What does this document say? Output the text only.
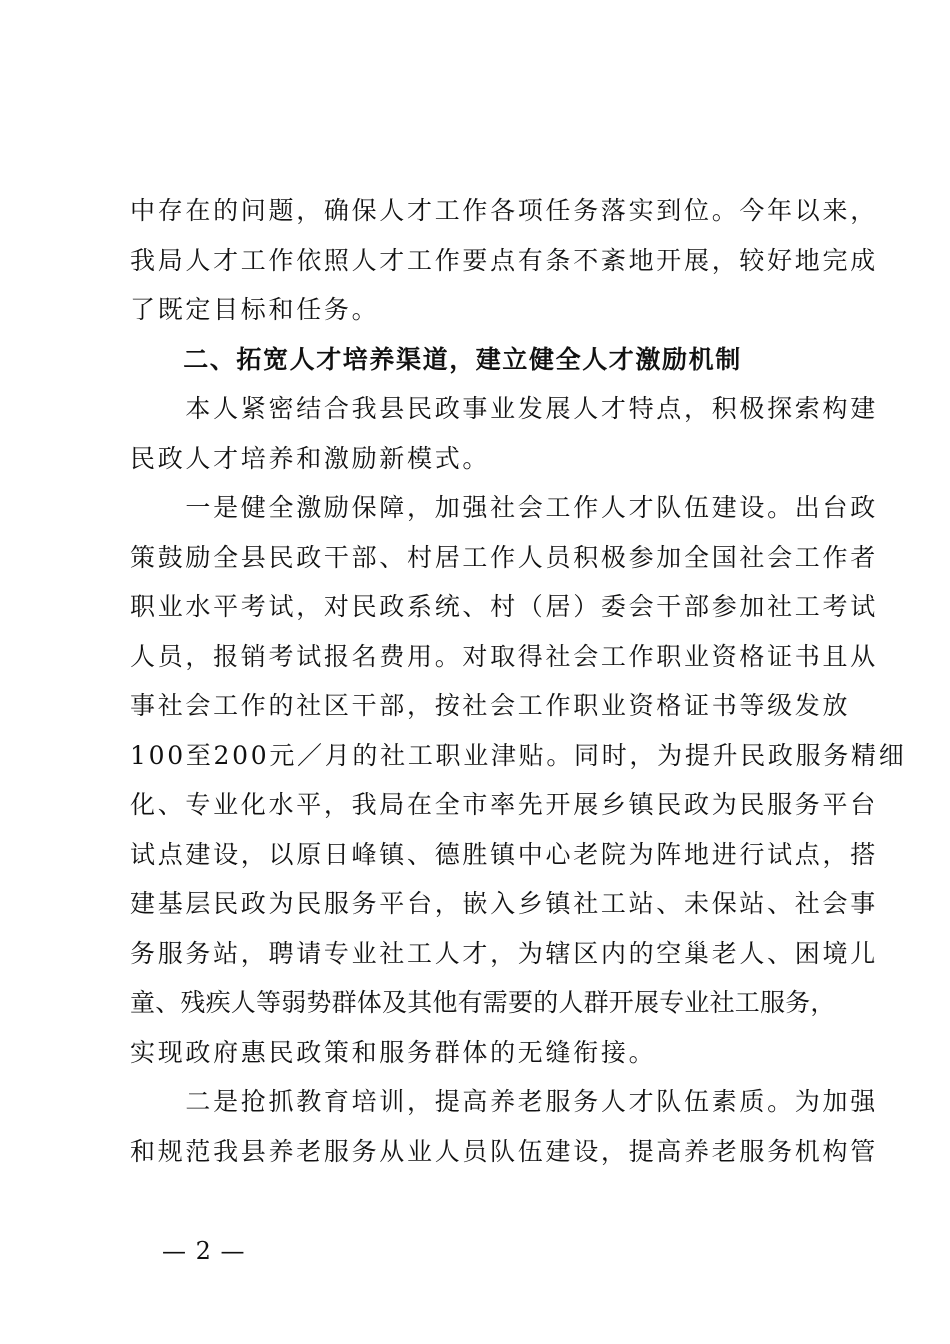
中存在的问题，确保人才工作各项任务落实到位。今年以来，
我局人才工作依照人才工作要点有条不紊地开展，较好地完成
了既定目标和任务。
　　二、拓宽人才培养渠道，建立健全人才激励机制
　　本人紧密结合我县民政事业发展人才特点，积极探索构建
民政人才培养和激励新模式。
　　一是健全激励保障，加强社会工作人才队伍建设。出台政
策鼓励全县民政干部、村居工作人员积极参加全国社会工作者
职业水平考试，对民政系统、村（居）委会干部参加社工考试
人员，报销考试报名费用。对取得社会工作职业资格证书且从
事社会工作的社区干部，按社会工作职业资格证书等级发放
100至200元／月的社工职业津贴。同时，为提升民政服务精细
化、专业化水平，我局在全市率先开展乡镇民政为民服务平台
试点建设，以原日峰镇、德胜镇中心老院为阵地进行试点，搭
建基层民政为民服务平台，嵌入乡镇社工站、未保站、社会事
务服务站，聘请专业社工人才，为辖区内的空巢老人、困境儿
童、残疾人等弱势群体及其他有需要的人群开展专业社工服务，
实现政府惠民政策和服务群体的无缝衔接。
　　二是抢抓教育培训，提高养老服务人才队伍素质。为加强
和规范我县养老服务从业人员队伍建设，提高养老服务机构管
— 2 —
